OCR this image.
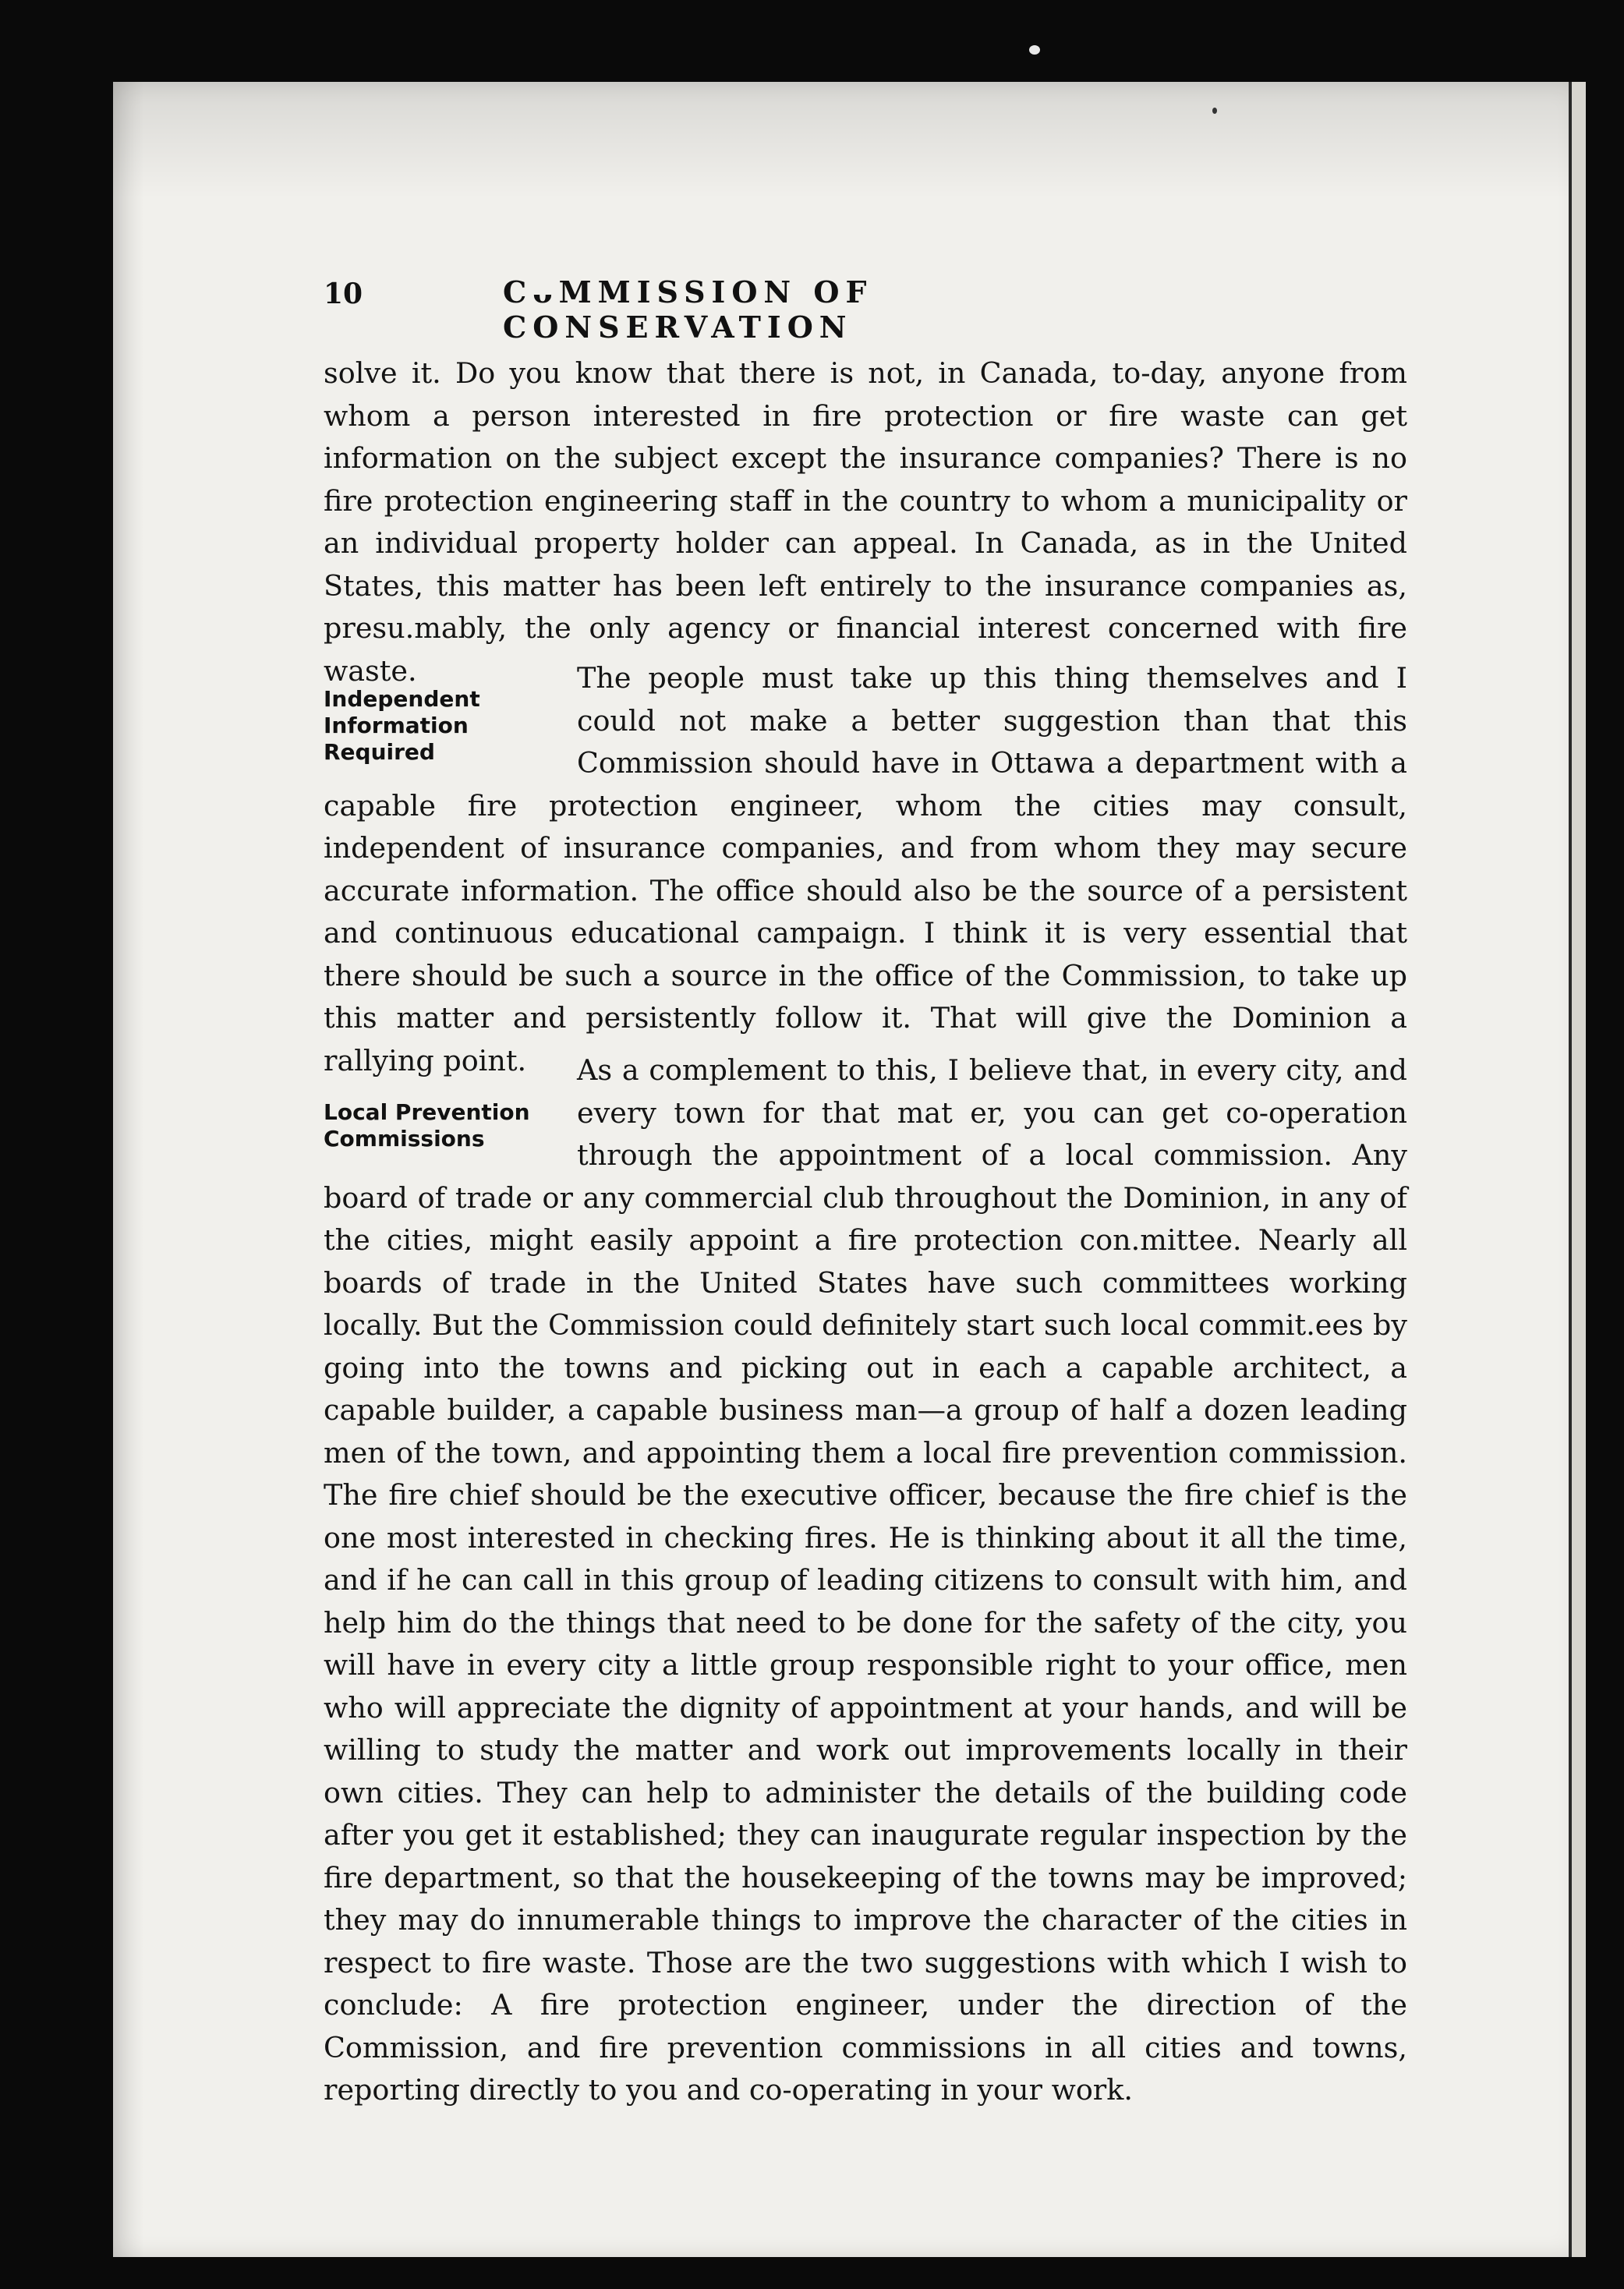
10	CᴗMMISSION OF CONSERVATION

solve it. Do you know that there is not, in Canada, to-day, anyone from whom a person interested in fire protection or fire waste can get information on the subject except the insurance companies? There is no fire protection engineering staff in the country to whom a municipality or an individual property holder can appeal. In Canada, as in the United States, this matter has been left entirely to the insurance companies as, presu.mably, the only agency or financial interest concerned with fire waste.

Independent
Information
Required

The peoplе must take up this thing themselves and I could not make a better suggestion than that this Commission should have in Ottawa a department with a capable fire protection engineer, whom the cities may consult, independent of insurance companies, and from whom they may secure accurate information. The office should also be the source of a persistent and continuous educational campaign. I think it is very essential that there should be such a source in the office of the Commission, to take up this matter and persistently follow it. That will give the Dominion a rallying point.

Local Prevention
Commissions

As a complement to this, I believe that, in every city, and every town for that mat er, you can get co-operation through the appointment of a local commission. Any board of trade or any commercial club throughout the Dominion, in any of the cities, might easily appoint a fire protection con.mittee. Nearly all boards of trade in the United States have such committees working locally. But the Commission could definitely start such local commit.ees by going into the towns and picking out in each a capable architect, a capable builder, a capable business man—a group of half a dozen leading men of the town, and appointing them a local fire prevention commission. The fire chief should be the executive officer, because the fire chief is the one most interested in checking fires. He is thinking about it all the time, and if he can call in this group of leading citizens to consult with him, and help him do the things that need to be done for the safety of the city, you will have in every city a little group responsible right to your office, men who will appreciate the dignity of appointment at your hands, and will be willing to study the matter and work out improvements locally in their own cities. They can help to administer the details of the building code after you get it established; they can inaugurate regular inspection by the fire department, so that the housekeeping of the towns may be improved; they may do innumerable things to improve the character of the cities in respect to fire waste. Those are the two suggestions with which I wish to conclude: A fire protection engineer, under the direction of the Commission, and fire prevention commissions in all cities and towns, reporting directly to you and co-operating in your work.
